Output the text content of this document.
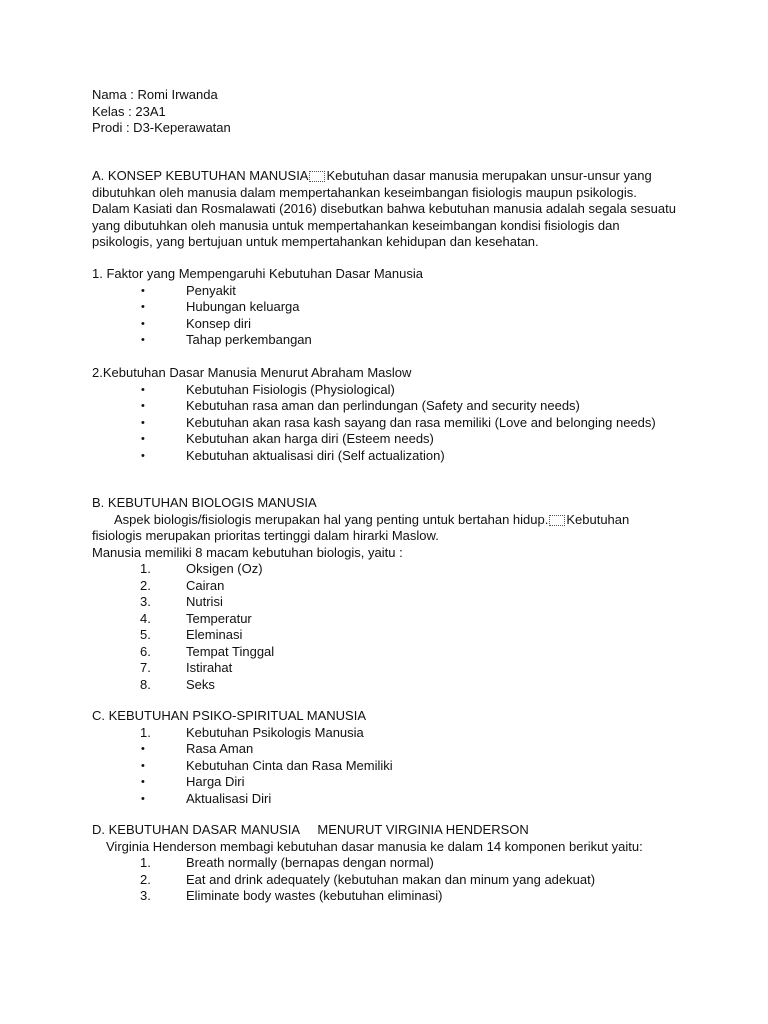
Nama : Romi Irwanda
Kelas : 23A1
Prodi : D3-Keperawatan
A. KONSEP KEBUTUHAN MANUSIA Kebutuhan dasar manusia merupakan unsur-unsur yang
dibutuhkan oleh manusia dalam mempertahankan keseimbangan fisiologis maupun psikologis.
Dalam Kasiati dan Rosmalawati (2016) disebutkan bahwa kebutuhan manusia adalah segala sesuatu
yang dibutuhkan oleh manusia untuk mempertahankan keseimbangan kondisi fisiologis dan
psikologis, yang bertujuan untuk mempertahankan kehidupan dan kesehatan.
1. Faktor yang Mempengaruhi Kebutuhan Dasar Manusia
•	Penyakit
•	Hubungan keluarga
•	Konsep diri
•	Tahap perkembangan
2.Kebutuhan Dasar Manusia Menurut Abraham Maslow
•	Kebutuhan Fisiologis (Physiological)
•	Kebutuhan rasa aman dan perlindungan (Safety and security needs)
•	Kebutuhan akan rasa kash sayang dan rasa memiliki (Love and belonging needs)
•	Kebutuhan akan harga diri (Esteem needs)
•	Kebutuhan aktualisasi diri (Self actualization)
B. KEBUTUHAN BIOLOGIS MANUSIA
Aspek biologis/fisiologis merupakan hal yang penting untuk bertahan hidup. Kebutuhan
fisiologis merupakan prioritas tertinggi dalam hirarki Maslow.
Manusia memiliki 8 macam kebutuhan biologis, yaitu :
1.	Oksigen (Oz)
2.	Cairan
3.	Nutrisi
4.	Temperatur
5.	Eleminasi
6.	Tempat Tinggal
7.	Istirahat
8.	Seks
C. KEBUTUHAN PSIKO-SPIRITUAL MANUSIA
1.	Kebutuhan Psikologis Manusia
•	Rasa Aman
•	Kebutuhan Cinta dan Rasa Memiliki
•	Harga Diri
•	Aktualisasi Diri
D. KEBUTUHAN DASAR MANUSIA     MENURUT VIRGINIA HENDERSON
Virginia Henderson membagi kebutuhan dasar manusia ke dalam 14 komponen berikut yaitu:
1.	Breath normally (bernapas dengan normal)
2.	Eat and drink adequately (kebutuhan makan dan minum yang adekuat)
3.	Eliminate body wastes (kebutuhan eliminasi)
